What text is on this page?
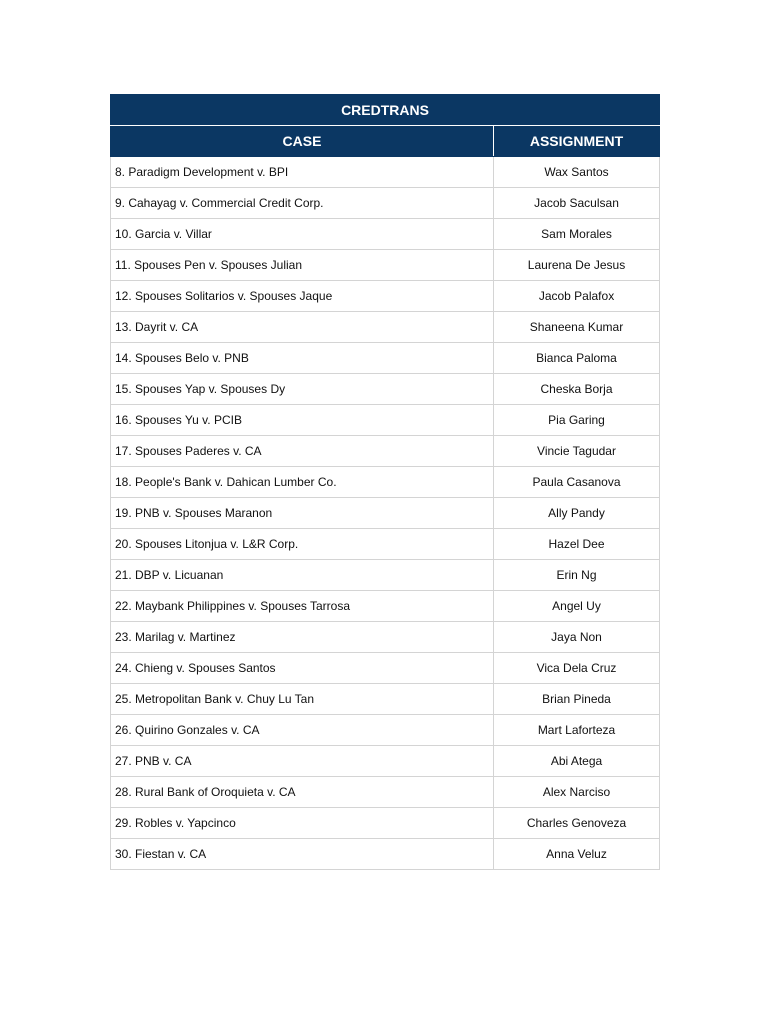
CREDTRANS	
CASE	ASSIGNMENT
8. Paradigm Development v. BPI	Wax Santos
9. Cahayag v. Commercial Credit Corp.	Jacob Saculsan
10. Garcia v. Villar	Sam Morales
11. Spouses Pen v. Spouses Julian	Laurena De Jesus
12. Spouses Solitarios v. Spouses Jaque	Jacob Palafox
13. Dayrit v. CA	Shaneena Kumar
14. Spouses Belo v. PNB	Bianca Paloma
15. Spouses Yap v. Spouses Dy	Cheska Borja
16. Spouses Yu v. PCIB	Pia Garing
17. Spouses Paderes v. CA	Vincie Tagudar
18. People's Bank v. Dahican Lumber Co.	Paula Casanova
19. PNB v. Spouses Maranon	Ally Pandy
20. Spouses Litonjua v. L&R Corp.	Hazel Dee
21. DBP v. Licuanan	Erin Ng
22. Maybank Philippines v. Spouses Tarrosa	Angel Uy
23. Marilag v. Martinez	Jaya Non
24. Chieng v. Spouses Santos	Vica Dela Cruz
25. Metropolitan Bank v. Chuy Lu Tan	Brian Pineda
26. Quirino Gonzales v. CA	Mart Laforteza
27. PNB v. CA	Abi Atega
28. Rural Bank of Oroquieta v. CA	Alex Narciso
29. Robles v. Yapcinco	Charles Genoveza
30. Fiestan v. CA	Anna Veluz
